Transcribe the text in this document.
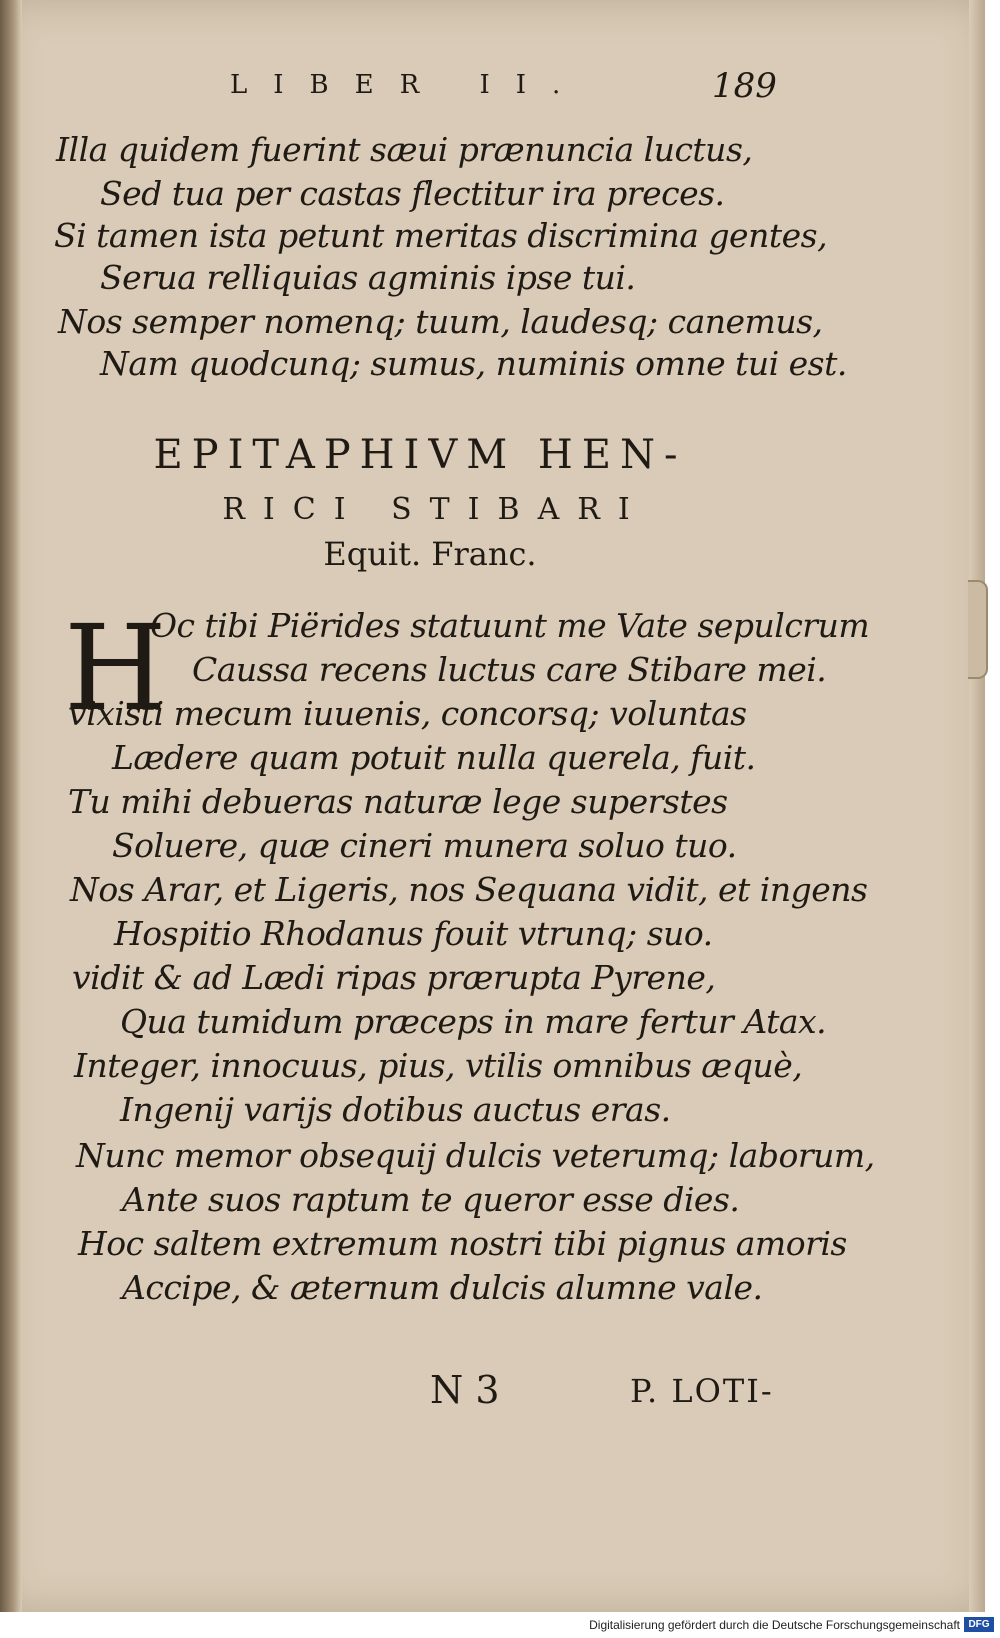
LIBER II.	189
Illa quidem fuerint sæui prænuncia luctus,
Sed tua per castas flectitur ira preces.
Si tamen ista petunt meritas discrimina gentes,
Serua relliquias agminis ipse tui.
Nos semper nomenq; tuum, laudesq; canemus,
Nam quodcunq; sumus, numinis omne tui est.
EPITAPHIVM HEN-
RICI STIBARI
Equit. Franc.
H
Oc tibi Piërides statuunt me Vate sepulcrum
Caussa recens luctus care Stibare mei.
vixisti mecum iuuenis, concorsq; voluntas
Lædere quam potuit nulla querela, fuit.
Tu mihi debueras naturæ lege superstes
Soluere, quæ cineri munera soluo tuo.
Nos Arar, et Ligeris, nos Sequana vidit, et ingens
Hospitio Rhodanus fouit vtrunq; suo.
vidit & ad Lædi ripas prærupta Pyrene,
Qua tumidum præceps in mare fertur Atax.
Integer, innocuus, pius, vtilis omnibus æquè,
Ingenij varijs dotibus auctus eras.
Nunc memor obsequij dulcis veterumq; laborum,
Ante suos raptum te queror esse dies.
Hoc saltem extremum nostri tibi pignus amoris
Accipe, & æternum dulcis alumne vale.
N 3	P. LOTI-
Digitalisierung gefördert durch die Deutsche Forschungsgemeinschaft DFG
